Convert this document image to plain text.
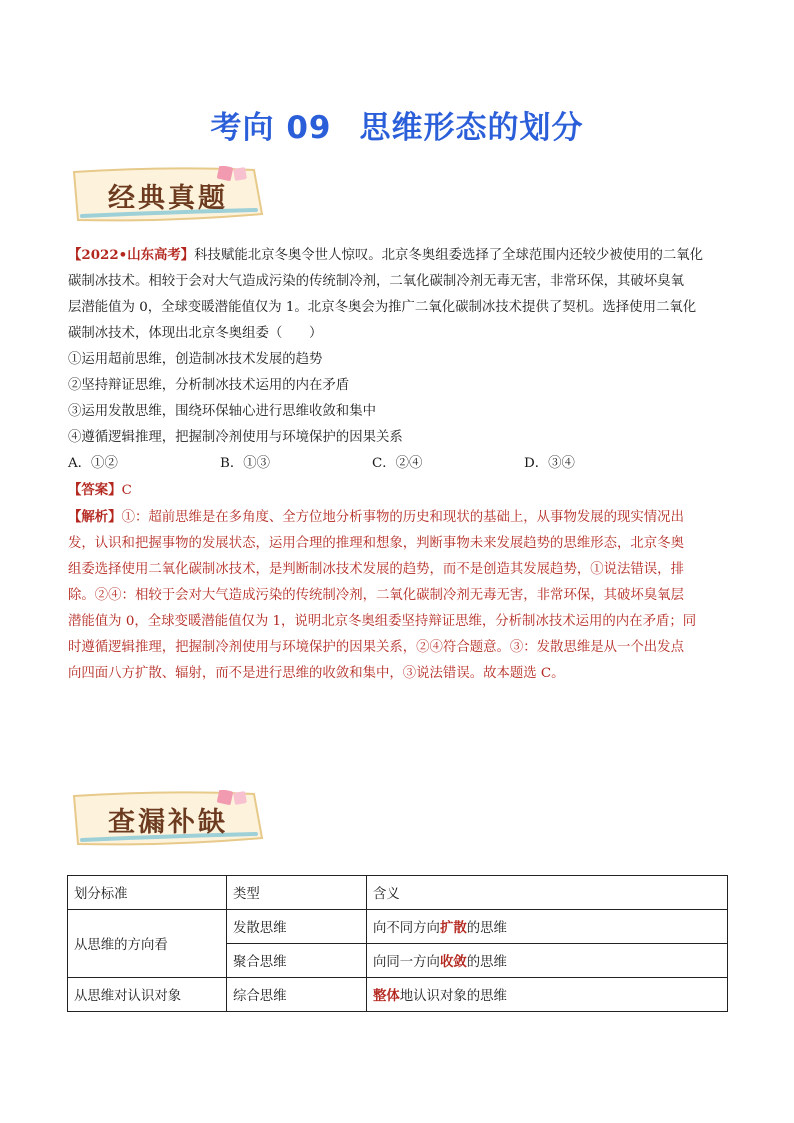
考向 09 思维形态的划分
经典真题

【2022•山东高考】科技赋能北京冬奥令世人惊叹。北京冬奥组委选择了全球范围内还较少被使用的二氧化

碳制冰技术。相较于会对大气造成污染的传统制冷剂，二氧化碳制冷剂无毒无害，非常环保，其破坏臭氧

层潜能值为 0，全球变暖潜能值仅为 1。北京冬奥会为推广二氧化碳制冰技术提供了契机。选择使用二氧化

碳制冰技术，体现出北京冬奥组委（　　）

①运用超前思维，创造制冰技术发展的趋势

②坚持辩证思维，分析制冰技术运用的内在矛盾

③运用发散思维，围绕环保轴心进行思维收敛和集中

④遵循逻辑推理，把握制冷剂使用与环境保护的因果关系

A．①②	B．①③	C．②④	D．③④

【答案】C

【解析】①：超前思维是在多角度、全方位地分析事物的历史和现状的基础上，从事物发展的现实情况出

发，认识和把握事物的发展状态，运用合理的推理和想象，判断事物未来发展趋势的思维形态，北京冬奥

组委选择使用二氧化碳制冰技术，是判断制冰技术发展的趋势，而不是创造其发展趋势，①说法错误，排

除。②④：相较于会对大气造成污染的传统制冷剂，二氧化碳制冷剂无毒无害，非常环保，其破坏臭氧层

潜能值为 0，全球变暖潜能值仅为 1，说明北京冬奥组委坚持辩证思维，分析制冰技术运用的内在矛盾；同

时遵循逻辑推理，把握制冷剂使用与环境保护的因果关系，②④符合题意。③：发散思维是从一个出发点

向四面八方扩散、辐射，而不是进行思维的收敛和集中，③说法错误。故本题选 C。

查漏补缺
划分标准	类型	含义
从思维的方向看	发散思维	向不同方向扩散的思维
	聚合思维	向同一方向收敛的思维
从思维对认识对象	综合思维	整体地认识对象的思维
